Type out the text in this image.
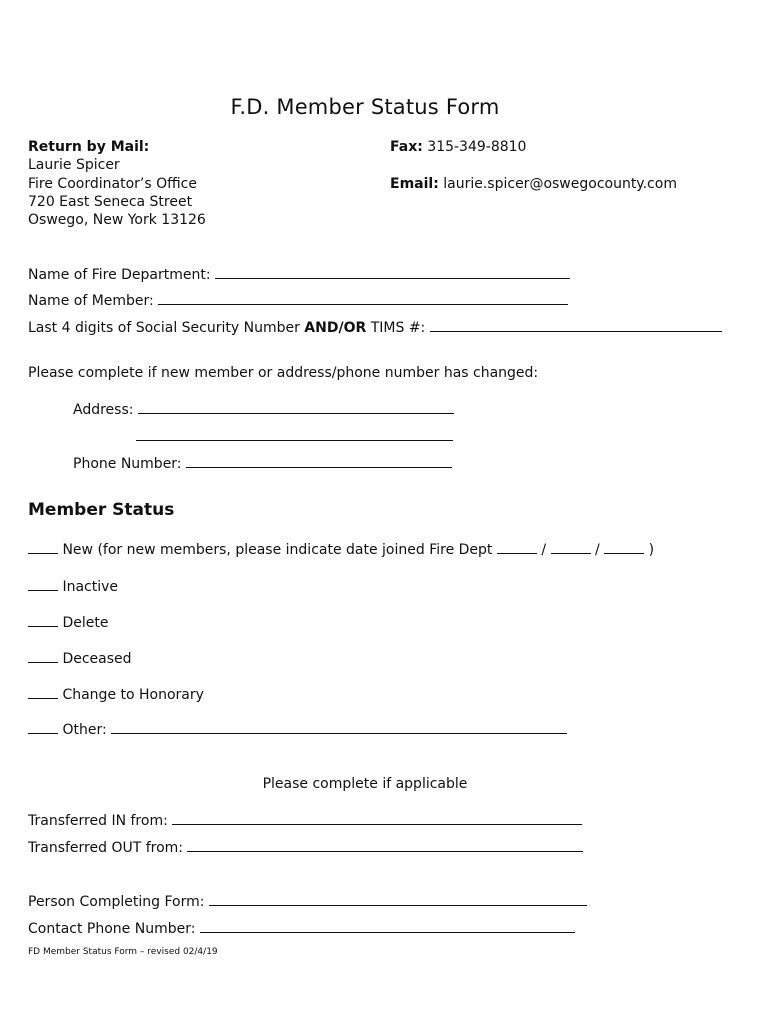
F.D. Member Status Form
Return by Mail:
Laurie Spicer
Fire Coordinator’s Office
720 East Seneca Street
Oswego, New York 13126
Fax: 315-349-8810
Email: laurie.spicer@oswegocounty.com
Name of Fire Department:
Name of Member:
Last 4 digits of Social Security Number AND/OR TIMS #:
Please complete if new member or address/phone number has changed:
Address:
Phone Number:
Member Status
New (for new members, please indicate date joined Fire Dept	/	/	)
Inactive
Delete
Deceased
Change to Honorary
Other:
Please complete if applicable
Transferred IN from:
Transferred OUT from:
Person Completing Form:
Contact Phone Number:
FD Member Status Form – revised 02/4/19
